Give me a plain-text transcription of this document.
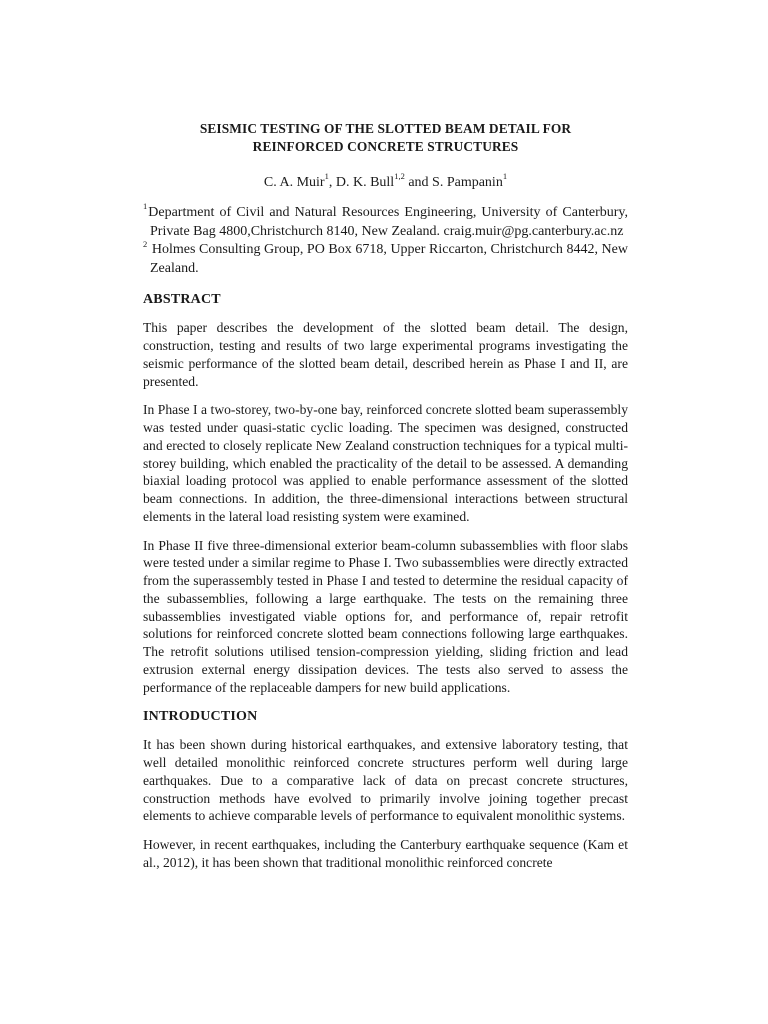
SEISMIC TESTING OF THE SLOTTED BEAM DETAIL FOR
REINFORCED CONCRETE STRUCTURES
C. A. Muir$^1$, D. K. Bull$^{1,2}$ and S. Pampanin$^1$

$^1$Department of Civil and Natural Resources Engineering, University of Canterbury, Private Bag 4800,Christchurch 8140, New Zealand. craig.muir@pg.canterbury.ac.nz

$^2$ Holmes Consulting Group, PO Box 6718, Upper Riccarton, Christchurch 8442, New Zealand.

ABSTRACT

This paper describes the development of the slotted beam detail. The design, construction, testing and results of two large experimental programs investigating the seismic performance of the slotted beam detail, described herein as Phase I and II, are presented.

In Phase I a two-storey, two-by-one bay, reinforced concrete slotted beam superassembly was tested under quasi-static cyclic loading. The specimen was designed, constructed and erected to closely replicate New Zealand construction techniques for a typical multi-storey building, which enabled the practicality of the detail to be assessed. A demanding biaxial loading protocol was applied to enable performance assessment of the slotted beam connections. In addition, the three-dimensional interactions between structural elements in the lateral load resisting system were examined.

In Phase II five three-dimensional exterior beam-column subassemblies with floor slabs were tested under a similar regime to Phase I. Two subassemblies were directly extracted from the superassembly tested in Phase I and tested to determine the residual capacity of the subassemblies, following a large earthquake. The tests on the remaining three subassemblies investigated viable options for, and performance of, repair retrofit solutions for reinforced concrete slotted beam connections following large earthquakes. The retrofit solutions utilised tension-compression yielding, sliding friction and lead extrusion external energy dissipation devices. The tests also served to assess the performance of the replaceable dampers for new build applications.

INTRODUCTION

It has been shown during historical earthquakes, and extensive laboratory testing, that well detailed monolithic reinforced concrete structures perform well during large earthquakes. Due to a comparative lack of data on precast concrete structures, construction methods have evolved to primarily involve joining together precast elements to achieve comparable levels of performance to equivalent monolithic systems.

However, in recent earthquakes, including the Canterbury earthquake sequence (Kam et al., 2012), it has been shown that traditional monolithic reinforced concrete
